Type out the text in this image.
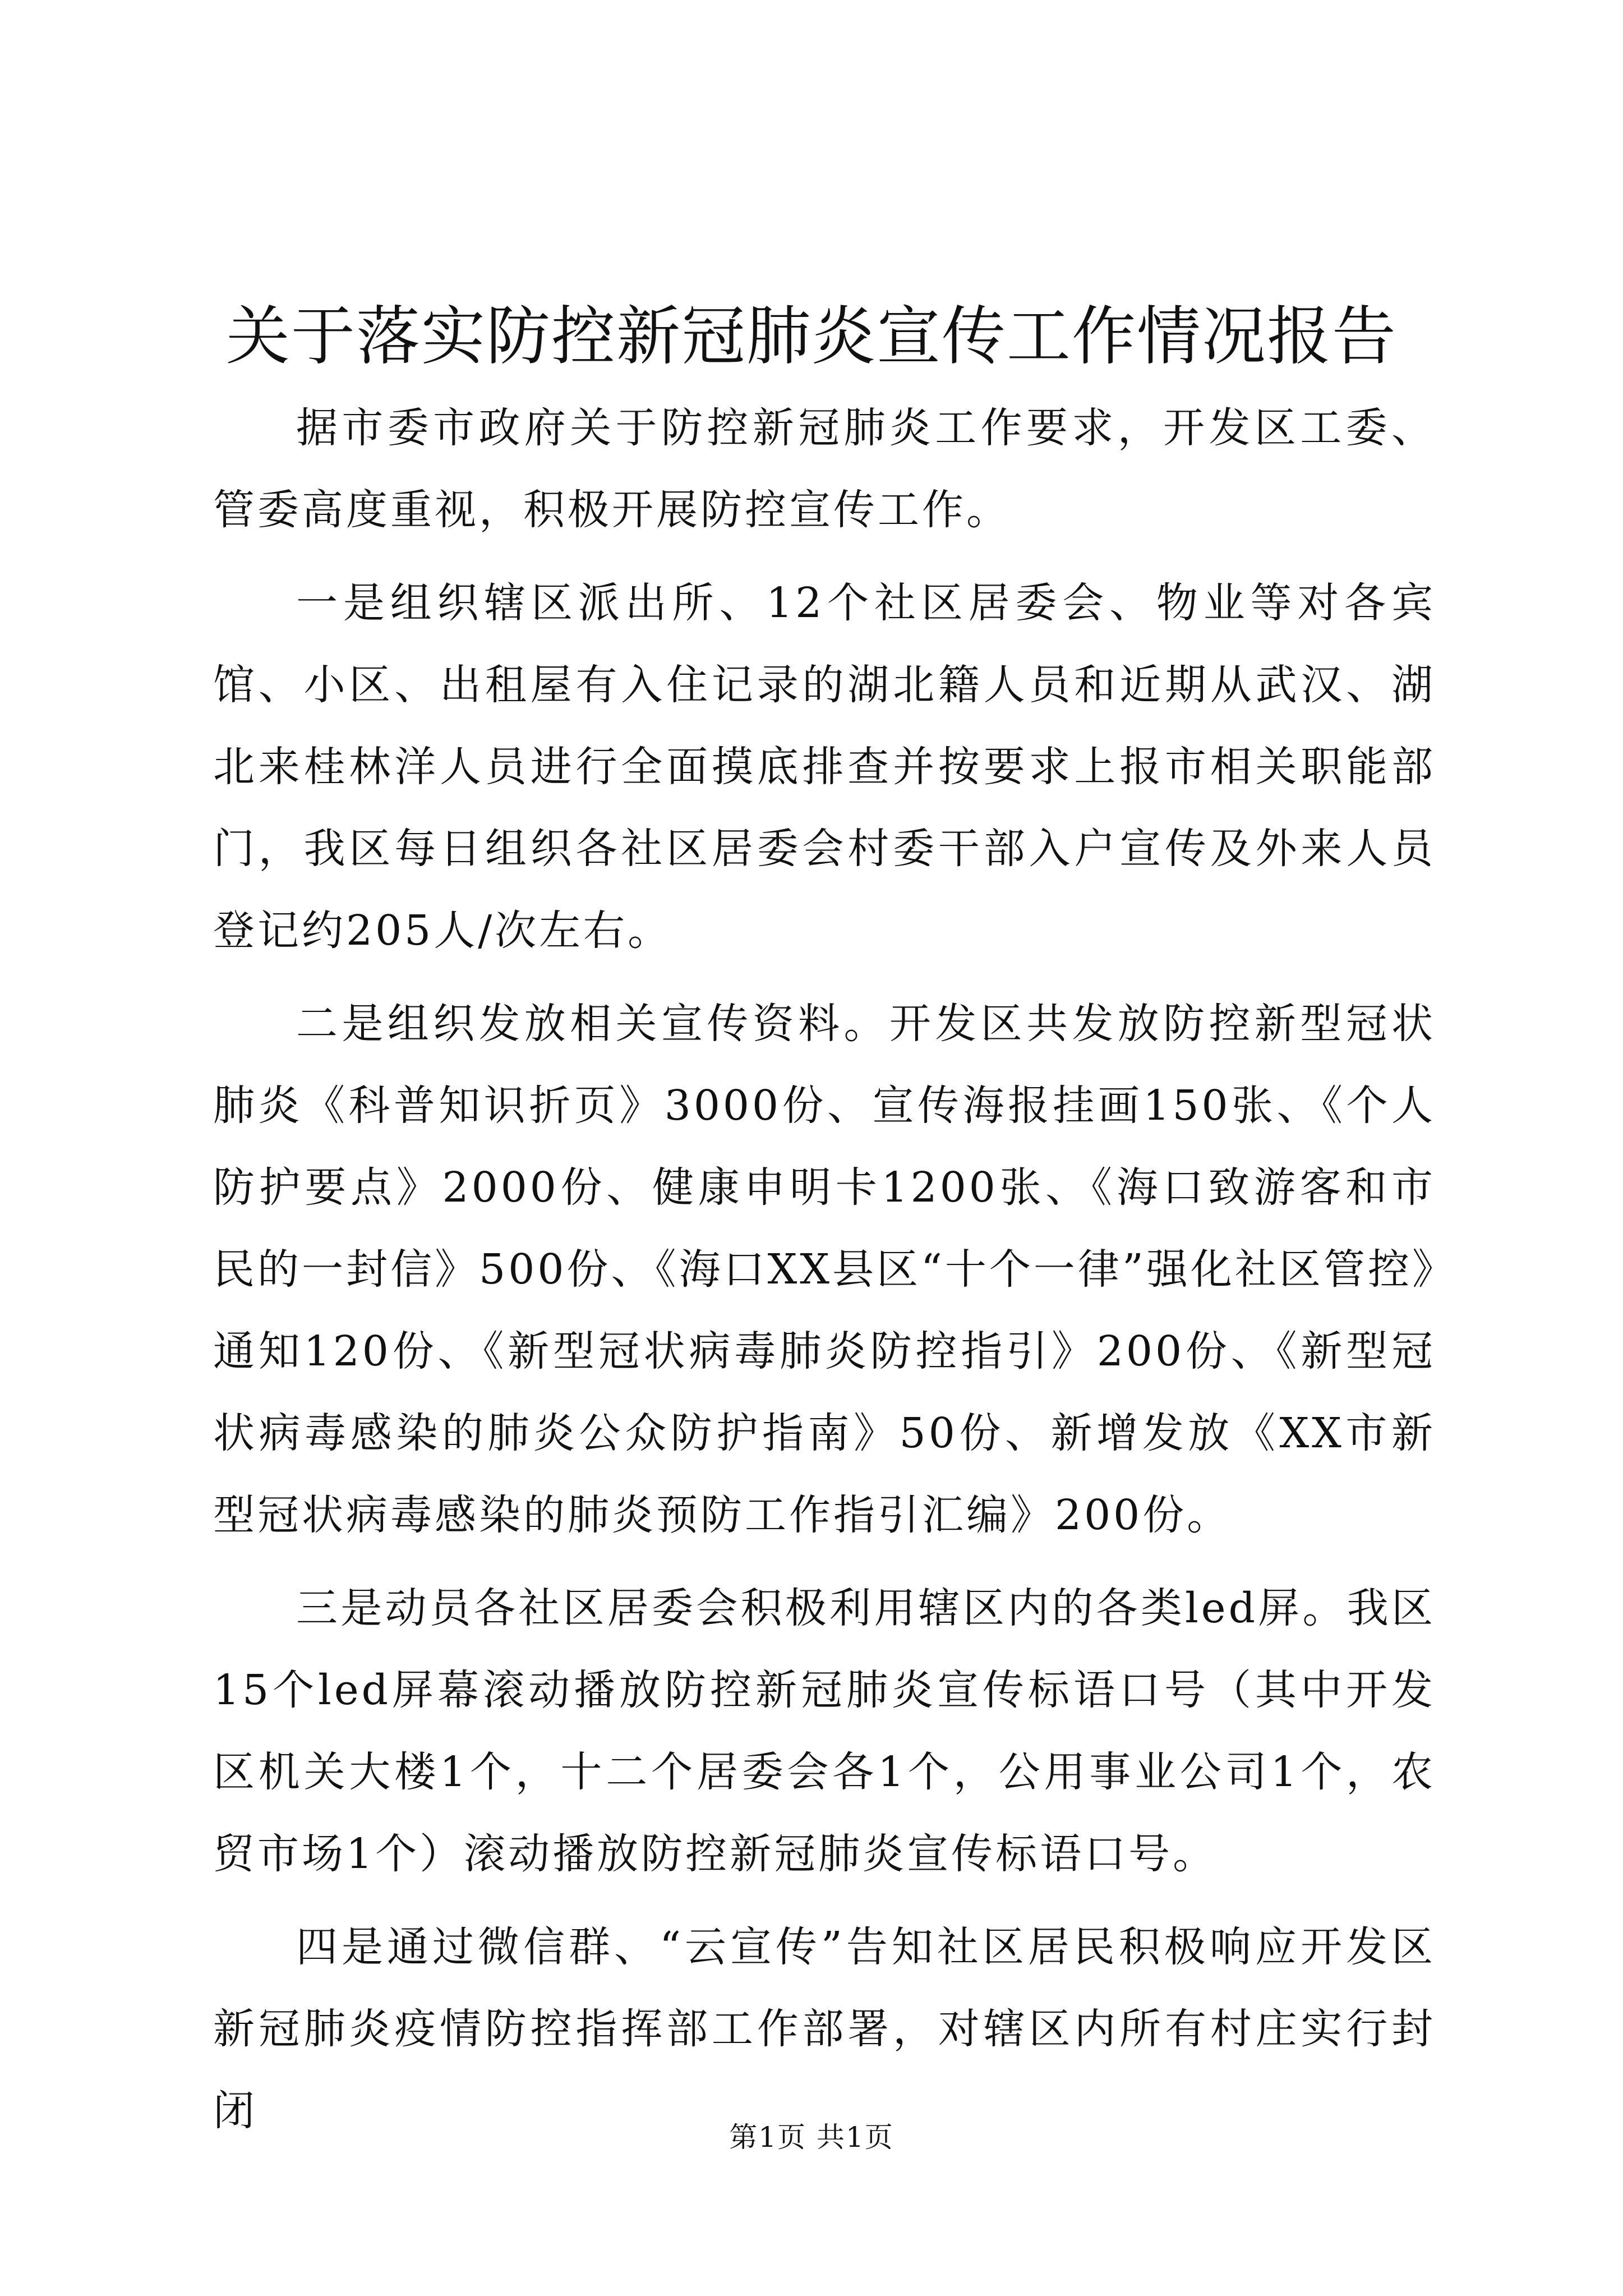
关于落实防控新冠肺炎宣传工作情况报告

据市委市政府关于防控新冠肺炎工作要求，开发区工委、管委高度重视，积极开展防控宣传工作。

一是组织辖区派出所、12个社区居委会、物业等对各宾馆、小区、出租屋有入住记录的湖北籍人员和近期从武汉、湖北来桂林洋人员进行全面摸底排查并按要求上报市相关职能部门，我区每日组织各社区居委会村委干部入户宣传及外来人员登记约205人/次左右。

二是组织发放相关宣传资料。开发区共发放防控新型冠状肺炎《科普知识折页》3000份、宣传海报挂画150张、《个人防护要点》2000份、健康申明卡1200张、《海口致游客和市民的一封信》500份、《海口XX县区“十个一律”强化社区管控》通知120份、《新型冠状病毒肺炎防控指引》200份、《新型冠状病毒感染的肺炎公众防护指南》50份、新增发放《XX市新型冠状病毒感染的肺炎预防工作指引汇编》200份。

三是动员各社区居委会积极利用辖区内的各类led屏。我区15个led屏幕滚动播放防控新冠肺炎宣传标语口号（其中开发区机关大楼1个，十二个居委会各1个，公用事业公司1个，农贸市场1个）滚动播放防控新冠肺炎宣传标语口号。

四是通过微信群、“云宣传”告知社区居民积极响应开发区新冠肺炎疫情防控指挥部工作部署，对辖区内所有村庄实行封闭

第1页 共1页
